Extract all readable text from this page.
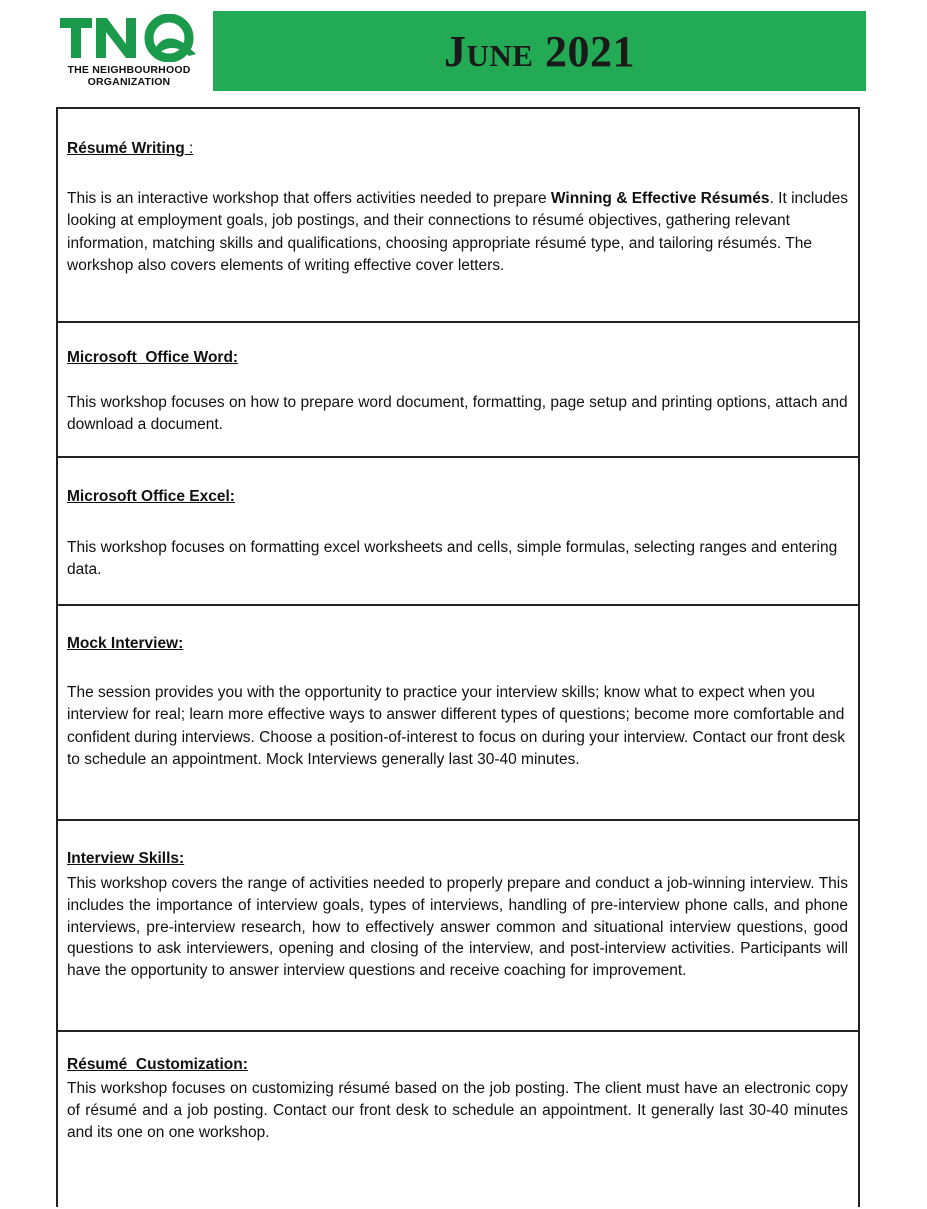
THE NEIGHBOURHOOD
ORGANIZATION
June 2021
Résumé Writing :
This is an interactive workshop that offers activities needed to prepare Winning & Effective Résumés. It includes looking at employment goals, job postings, and their connections to résumé objectives, gathering relevant information, matching skills and qualifications, choosing appropriate résumé type, and tailoring résumés. The workshop also covers elements of writing effective cover letters.
Microsoft  Office Word:
This workshop focuses on how to prepare word document, formatting, page setup and printing options, attach and download a document.
Microsoft Office Excel:
This workshop focuses on formatting excel worksheets and cells, simple formulas, selecting ranges and entering data.
Mock Interview:
The session provides you with the opportunity to practice your interview skills; know what to expect when you interview for real; learn more effective ways to answer different types of questions; become more comfortable and confident during interviews. Choose a position-of-interest to focus on during your interview. Contact our front desk to schedule an appointment. Mock Interviews generally last 30-40 minutes.
Interview Skills:
This workshop covers the range of activities needed to properly prepare and conduct a job-winning interview. This includes the importance of interview goals, types of interviews, handling of pre-interview phone calls, and phone interviews, pre-interview research, how to effectively answer common and situational interview questions, good questions to ask interviewers, opening and closing of the interview, and post-interview activities. Participants will have the opportunity to answer interview questions and receive coaching for improvement.
Résumé  Customization:
This workshop focuses on customizing résumé based on the job posting. The client must have an electronic copy of résumé and a job posting. Contact our front desk to schedule an appointment. It generally last 30-40 minutes and its one on one workshop.
